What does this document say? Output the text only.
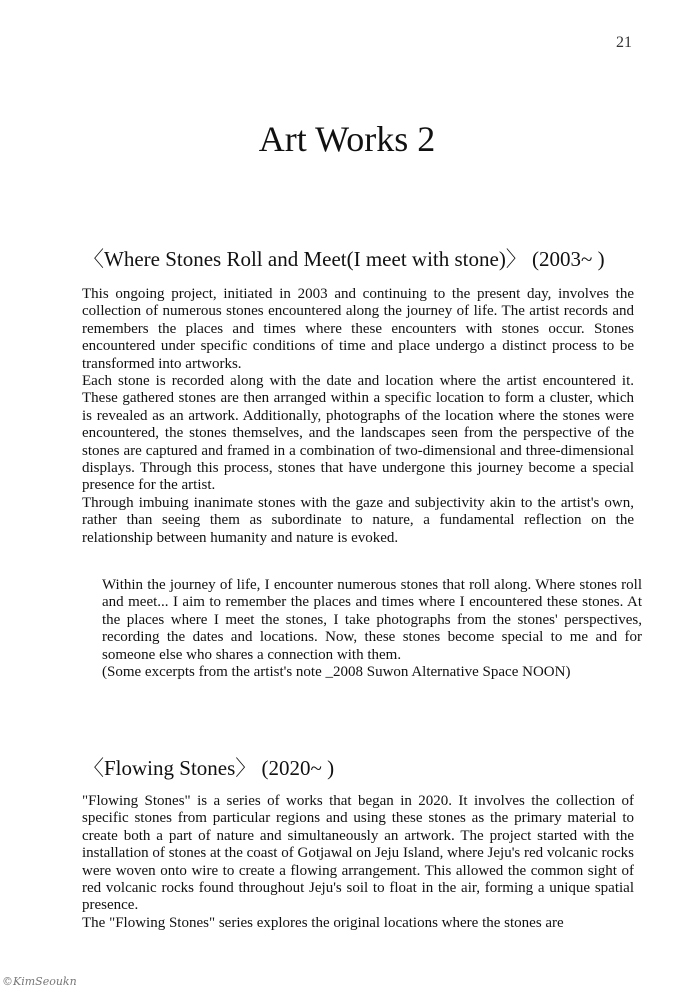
21
Art Works 2
〈Where Stones Roll and Meet(I meet with stone)〉 (2003~ )

This ongoing project, initiated in 2003 and continuing to the present day, involves the collection of numerous stones encountered along the journey of life. The artist records and remembers the places and times where these encounters with stones occur. Stones encountered under specific conditions of time and place undergo a distinct process to be transformed into artworks.

Each stone is recorded along with the date and location where the artist encountered it. These gathered stones are then arranged within a specific location to form a cluster, which is revealed as an artwork. Additionally, photographs of the location where the stones were encountered, the stones themselves, and the landscapes seen from the perspective of the stones are captured and framed in a combination of two-dimensional and three-dimensional displays. Through this process, stones that have undergone this journey become a special presence for the artist.

Through imbuing inanimate stones with the gaze and subjectivity akin to the artist's own, rather than seeing them as subordinate to nature, a fundamental reflection on the relationship between humanity and nature is evoked.

Within the journey of life, I encounter numerous stones that roll along. Where stones roll and meet... I aim to remember the places and times where I encountered these stones. At the places where I meet the stones, I take photographs from the stones' perspectives, recording the dates and locations. Now, these stones become special to me and for someone else who shares a connection with them.

(Some excerpts from the artist's note _2008 Suwon Alternative Space NOON)

〈Flowing Stones〉 (2020~ )

"Flowing Stones" is a series of works that began in 2020. It involves the collection of specific stones from particular regions and using these stones as the primary material to create both a part of nature and simultaneously an artwork. The project started with the installation of stones at the coast of Gotjawal on Jeju Island, where Jeju's red volcanic rocks were woven onto wire to create a flowing arrangement. This allowed the common sight of red volcanic rocks found throughout Jeju's soil to float in the air, forming a unique spatial presence.

The "Flowing Stones" series explores the original locations where the stones are

©KimSeoukn
